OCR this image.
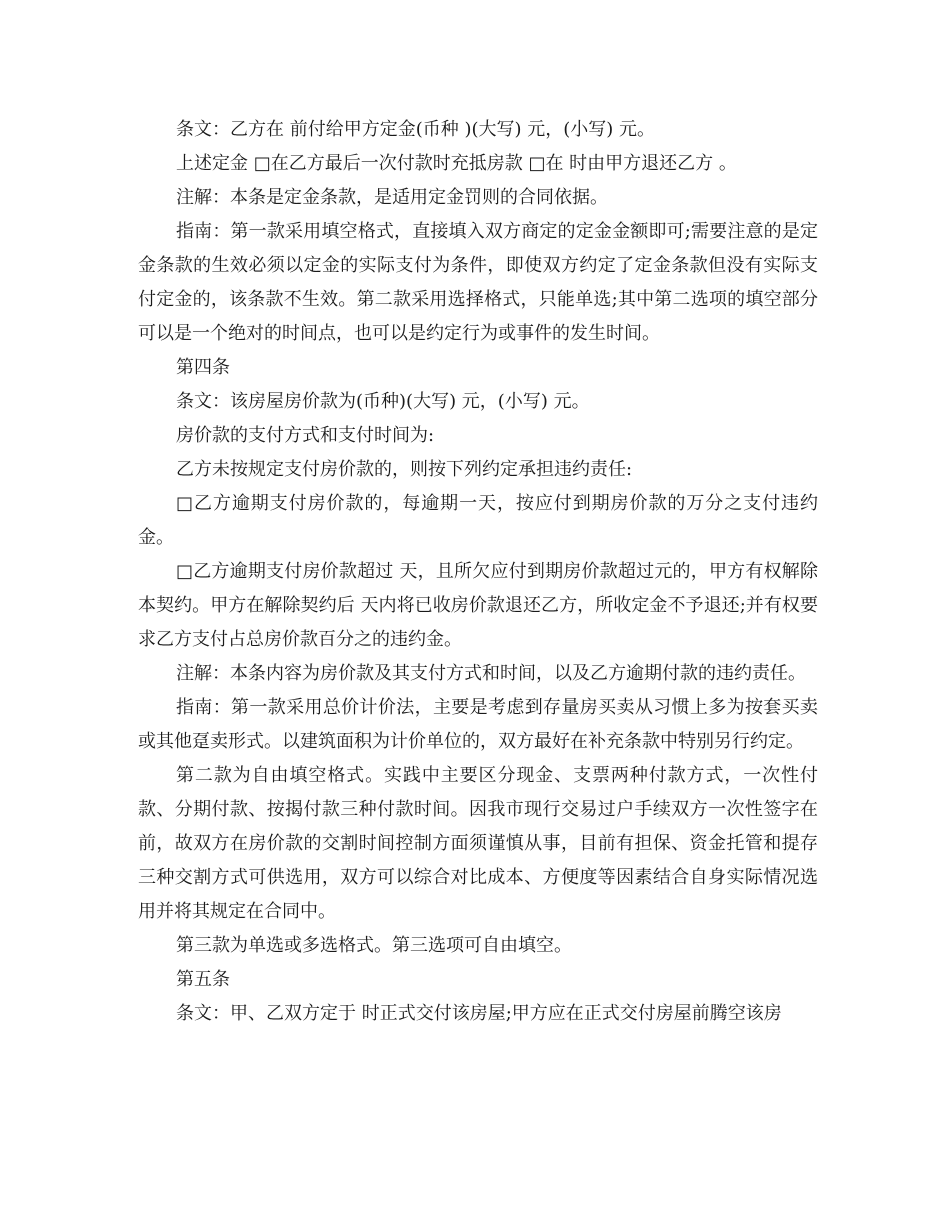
条文：乙方在 前付给甲方定金(币种 )(大写) 元，(小写) 元。

上述定金 □在乙方最后一次付款时充抵房款 □在 时由甲方退还乙方 。

注解：本条是定金条款，是适用定金罚则的合同依据。

指南：第一款采用填空格式，直接填入双方商定的定金金额即可;需要注意的是定金条款的生效必须以定金的实际支付为条件，即使双方约定了定金条款但没有实际支付定金的，该条款不生效。第二款采用选择格式，只能单选;其中第二选项的填空部分可以是一个绝对的时间点，也可以是约定行为或事件的发生时间。

第四条

条文：该房屋房价款为(币种)(大写) 元，(小写) 元。

房价款的支付方式和支付时间为:

乙方未按规定支付房价款的，则按下列约定承担违约责任:

□乙方逾期支付房价款的，每逾期一天，按应付到期房价款的万分之支付违约金。

□乙方逾期支付房价款超过 天，且所欠应付到期房价款超过元的，甲方有权解除本契约。甲方在解除契约后 天内将已收房价款退还乙方，所收定金不予退还;并有权要求乙方支付占总房价款百分之的违约金。

注解：本条内容为房价款及其支付方式和时间，以及乙方逾期付款的违约责任。

指南：第一款采用总价计价法，主要是考虑到存量房买卖从习惯上多为按套买卖或其他趸卖形式。以建筑面积为计价单位的，双方最好在补充条款中特别另行约定。

第二款为自由填空格式。实践中主要区分现金、支票两种付款方式，一次性付款、分期付款、按揭付款三种付款时间。因我市现行交易过户手续双方一次性签字在前，故双方在房价款的交割时间控制方面须谨慎从事，目前有担保、资金托管和提存三种交割方式可供选用，双方可以综合对比成本、方便度等因素结合自身实际情况选用并将其规定在合同中。

第三款为单选或多选格式。第三选项可自由填空。

第五条

条文：甲、乙双方定于 时正式交付该房屋;甲方应在正式交付房屋前腾空该房
